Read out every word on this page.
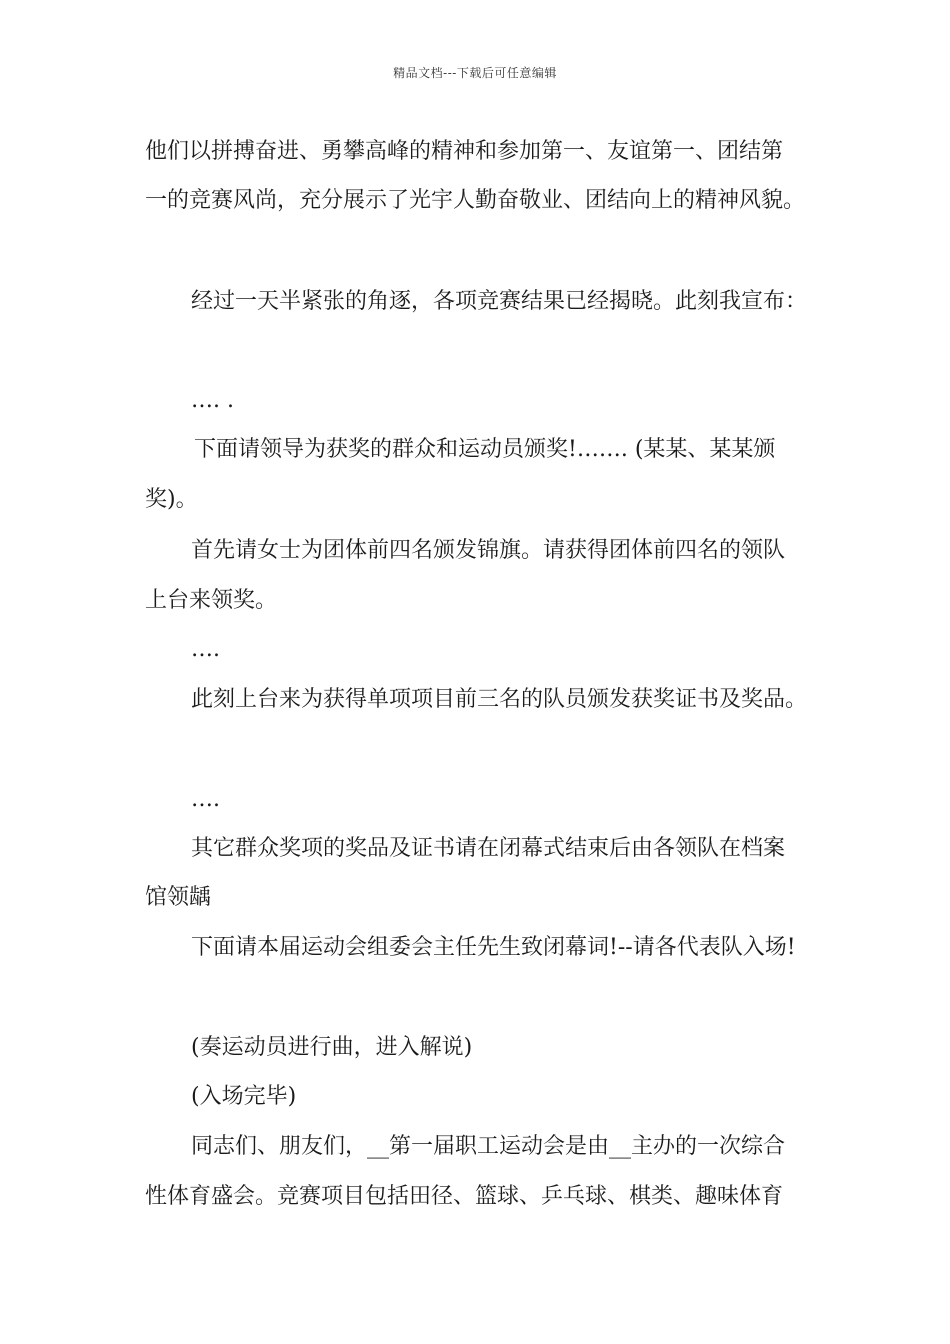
精品文档---下载后可任意编辑
他们以拼搏奋进、勇攀高峰的精神和参加第一、友谊第一、团结第
一的竞赛风尚，充分展示了光宇人勤奋敬业、团结向上的精神风貌。
经过一天半紧张的角逐，各项竞赛结果已经揭晓。此刻我宣布：
…. .
下面请领导为获奖的群众和运动员颁奖!……. (某某、某某颁
奖)。
首先请女士为团体前四名颁发锦旗。请获得团体前四名的领队
上台来领奖。
….
此刻上台来为获得单项项目前三名的队员颁发获奖证书及奖品。
….
其它群众奖项的奖品及证书请在闭幕式结束后由各领队在档案
馆领龋
下面请本届运动会组委会主任先生致闭幕词!--请各代表队入场!
(奏运动员进行曲，进入解说)
(入场完毕)
同志们、朋友们，__第一届职工运动会是由__主办的一次综合
性体育盛会。竞赛项目包括田径、篮球、乒乓球、棋类、趣味体育
